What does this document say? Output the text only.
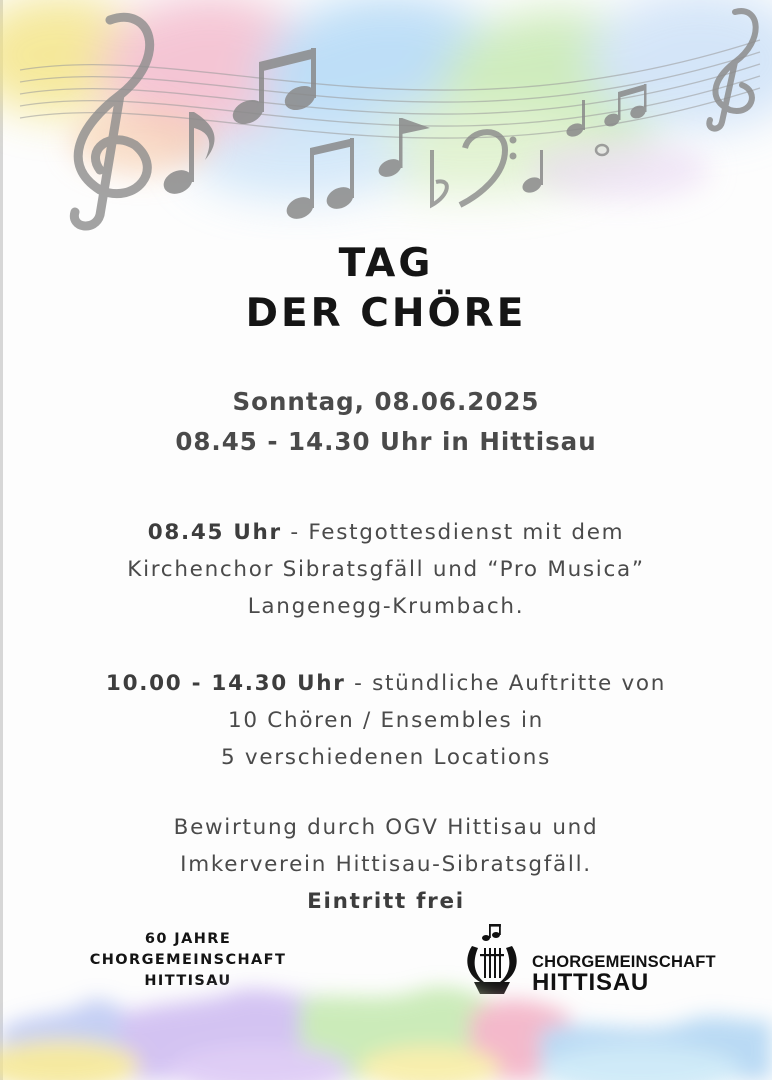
TAG
DER CHÖRE
Sonntag, 08.06.2025
08.45 - 14.30 Uhr in Hittisau
08.45 Uhr - Festgottesdienst mit dem
Kirchenchor Sibratsgfäll und “Pro Musica”
Langenegg-Krumbach.
10.00 - 14.30 Uhr - stündliche Auftritte von
10 Chören / Ensembles in
5 verschiedenen Locations
Bewirtung durch OGV Hittisau und
Imkerverein Hittisau-Sibratsgfäll.
Eintritt frei
60 JAHRE
CHORGEMEINSCHAFT
HITTISAU
CHORGEMEINSCHAFT
HITTISAU
